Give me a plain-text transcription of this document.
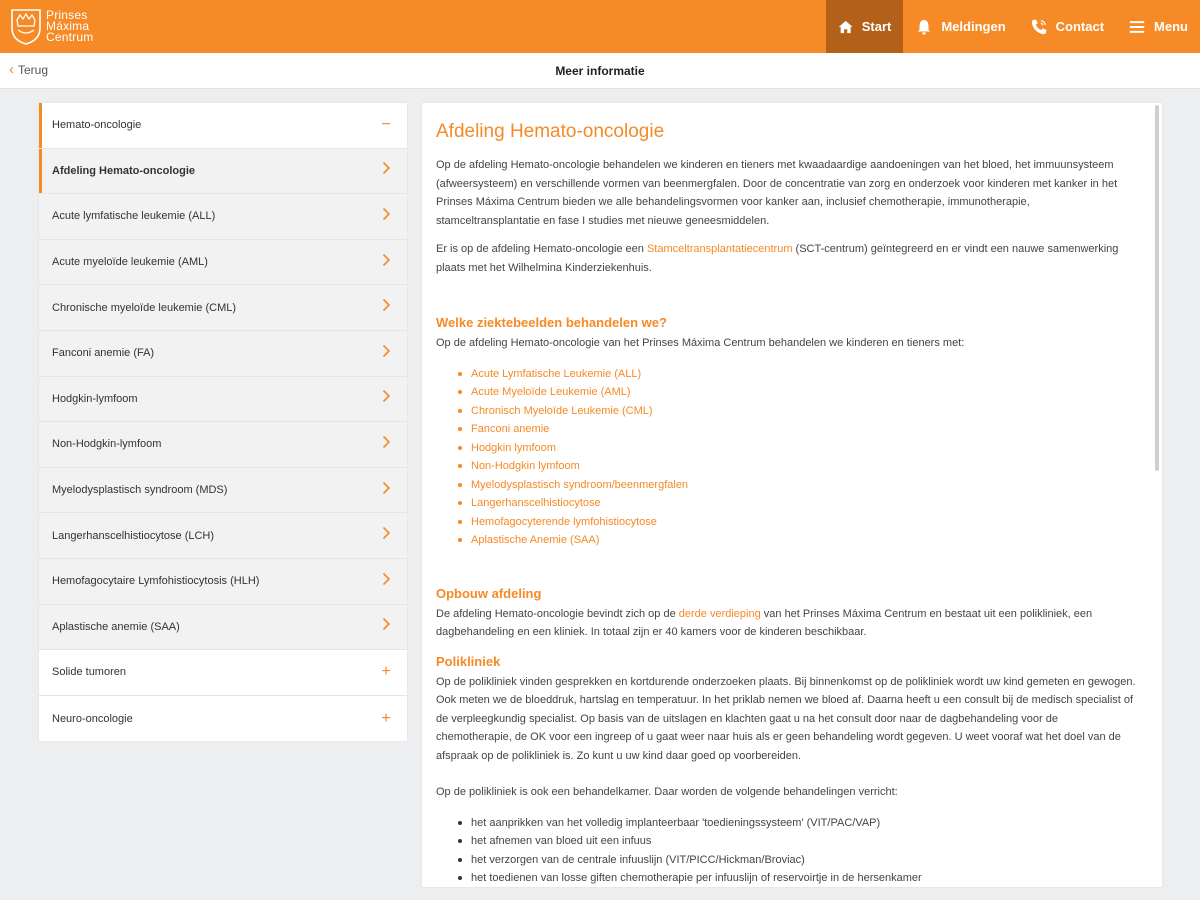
Prinses
Máxima
Centrum
Start	Meldingen	Contact	Menu
Meer informatie
‹ Terug
Hemato-oncologie	−
Afdeling Hemato-oncologie
Acute lymfatische leukemie (ALL)
Acute myeloïde leukemie (AML)
Chronische myeloïde leukemie (CML)
Fanconi anemie (FA)
Hodgkin-lymfoom
Non-Hodgkin-lymfoom
Myelodysplastisch syndroom (MDS)
Langerhanscelhistiocytose (LCH)
Hemofagocytaire Lymfohistiocytosis (HLH)
Aplastische anemie (SAA)
Solide tumoren	+
Neuro-oncologie	+
Afdeling Hemato-oncologie

Op de afdeling Hemato-oncologie behandelen we kinderen en tieners met kwaadaardige aandoeningen van het bloed, het immuunsysteem (afweersysteem) en verschillende vormen van beenmergfalen. Door de concentratie van zorg en onderzoek voor kinderen met kanker in het Prinses Máxima Centrum bieden we alle behandelingsvormen voor kanker aan, inclusief chemotherapie, immunotherapie, stamceltransplantatie en fase I studies met nieuwe geneesmiddelen.

Er is op de afdeling Hemato-oncologie een Stamceltransplantatiecentrum (SCT-centrum) geïntegreerd en er vindt een nauwe samenwerking plaats met het Wilhelmina Kinderziekenhuis.

Welke ziektebeelden behandelen we?

Op de afdeling Hemato-oncologie van het Prinses Máxima Centrum behandelen we kinderen en tieners met:

Acute Lymfatische Leukemie (ALL)
Acute Myeloïde Leukemie (AML)
Chronisch Myeloïde Leukemie (CML)
Fanconi anemie
Hodgkin lymfoom
Non-Hodgkin lymfoom
Myelodysplastisch syndroom/beenmergfalen
Langerhanscelhistiocytose
Hemofagocyterende lymfohistiocytose
Aplastische Anemie (SAA)
Opbouw afdeling

De afdeling Hemato-oncologie bevindt zich op de derde verdieping van het Prinses Máxima Centrum en bestaat uit een polikliniek, een dagbehandeling en een kliniek. In totaal zijn er 40 kamers voor de kinderen beschikbaar.

Polikliniek

Op de polikliniek vinden gesprekken en kortdurende onderzoeken plaats. Bij binnenkomst op de polikliniek wordt uw kind gemeten en gewogen. Ook meten we de bloeddruk, hartslag en temperatuur. In het priklab nemen we bloed af. Daarna heeft u een consult bij de medisch specialist of de verpleegkundig specialist. Op basis van de uitslagen en klachten gaat u na het consult door naar de dagbehandeling voor de chemotherapie, de OK voor een ingreep of u gaat weer naar huis als er geen behandeling wordt gegeven. U weet vooraf wat het doel van de afspraak op de polikliniek is. Zo kunt u uw kind daar goed op voorbereiden.

Op de polikliniek is ook een behandelkamer. Daar worden de volgende behandelingen verricht:

het aanprikken van het volledig implanteerbaar 'toedieningssysteem' (VIT/PAC/VAP)
het afnemen van bloed uit een infuus
het verzorgen van de centrale infuuslijn (VIT/PICC/Hickman/Broviac)
het toedienen van losse giften chemotherapie per infuuslijn of reservoirtje in de hersenkamer
